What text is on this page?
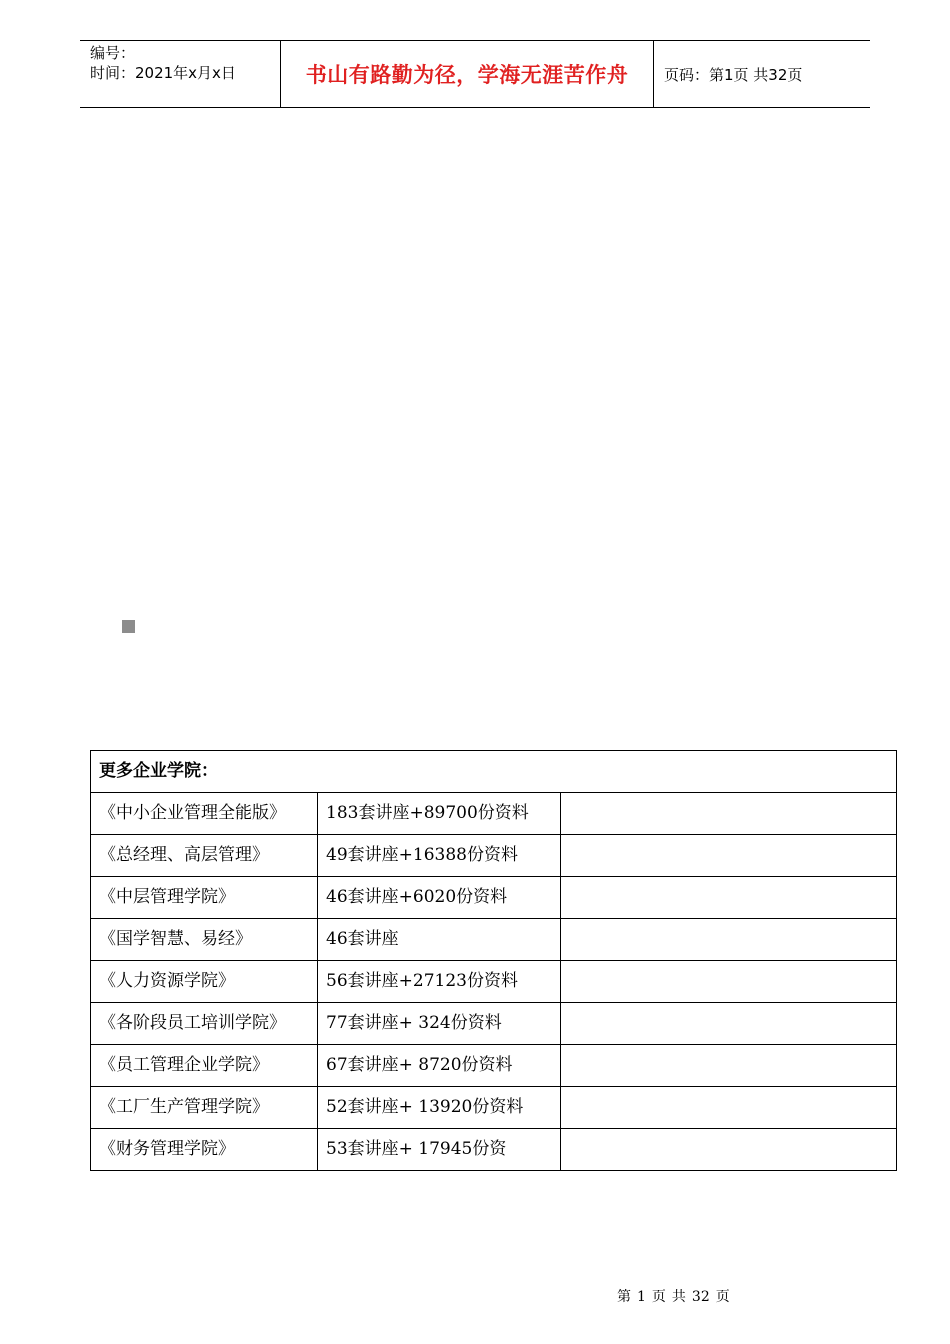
编号：
时间：2021年x月x日	书山有路勤为径，学海无涯苦作舟 页码：第1页 共32页
更多企业学院：		
《中小企业管理全能版》	183套讲座+89700份资料	
《总经理、高层管理》	49套讲座+16388份资料	
《中层管理学院》	46套讲座+6020份资料	
《国学智慧、易经》	46套讲座	
《人力资源学院》	56套讲座+27123份资料	
《各阶段员工培训学院》	77套讲座+ 324份资料	
《员工管理企业学院》	67套讲座+ 8720份资料	
《工厂生产管理学院》	52套讲座+ 13920份资料	
《财务管理学院》	53套讲座+ 17945份资	
第 1 页 共 32 页
